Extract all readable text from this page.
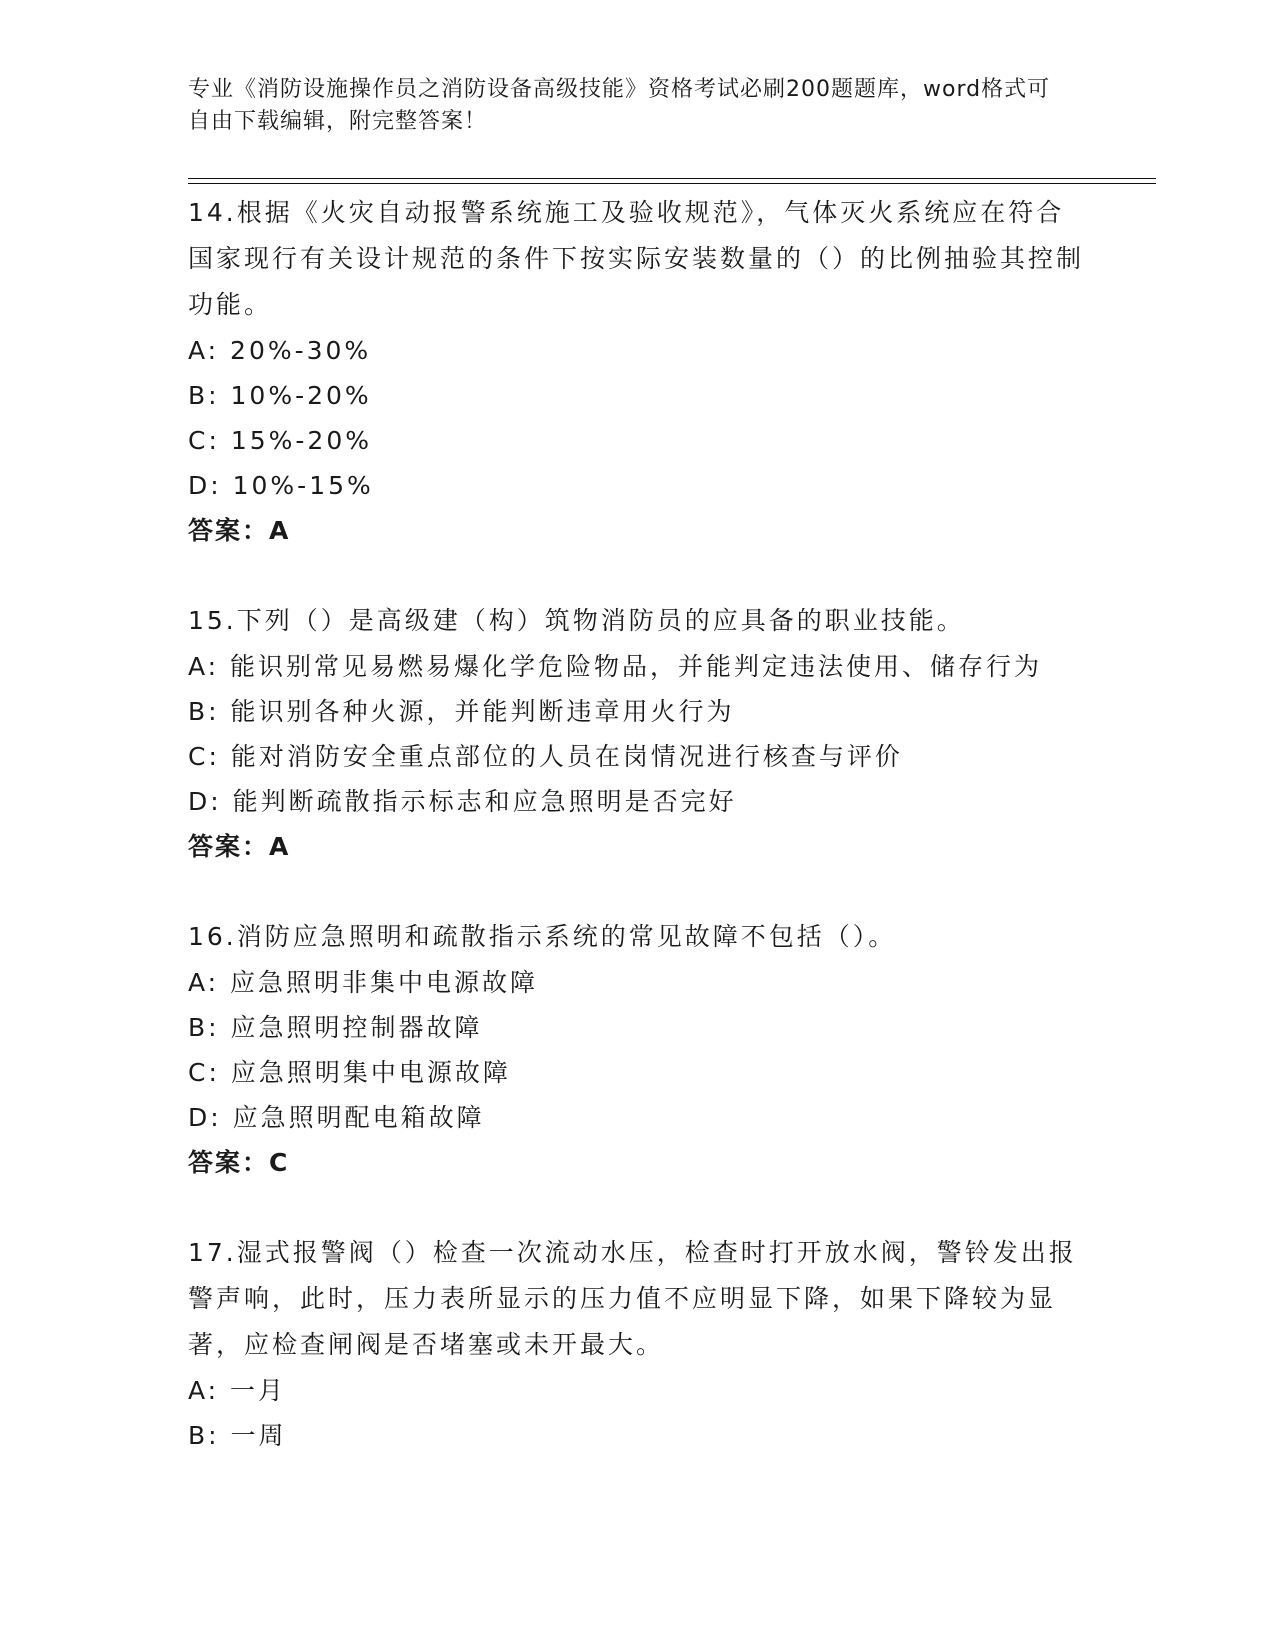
专业《消防设施操作员之消防设备高级技能》资格考试必刷200题题库，word格式可自由下载编辑，附完整答案！

14.根据《火灾自动报警系统施工及验收规范》，气体灭火系统应在符合国家现行有关设计规范的条件下按实际安装数量的（）的比例抽验其控制功能。

A: 20%-30%

B: 10%-20%

C: 15%-20%

D: 10%-15%

答案：A

15.下列（）是高级建（构）筑物消防员的应具备的职业技能。

A: 能识别常见易燃易爆化学危险物品，并能判定违法使用、储存行为

B: 能识别各种火源，并能判断违章用火行为

C: 能对消防安全重点部位的人员在岗情况进行核查与评价

D: 能判断疏散指示标志和应急照明是否完好

答案：A

16.消防应急照明和疏散指示系统的常见故障不包括（）。

A: 应急照明非集中电源故障

B: 应急照明控制器故障

C: 应急照明集中电源故障

D: 应急照明配电箱故障

答案：C

17.湿式报警阀（）检查一次流动水压，检查时打开放水阀，警铃发出报警声响，此时，压力表所显示的压力值不应明显下降，如果下降较为显著，应检查闸阀是否堵塞或未开最大。

A: 一月

B: 一周
